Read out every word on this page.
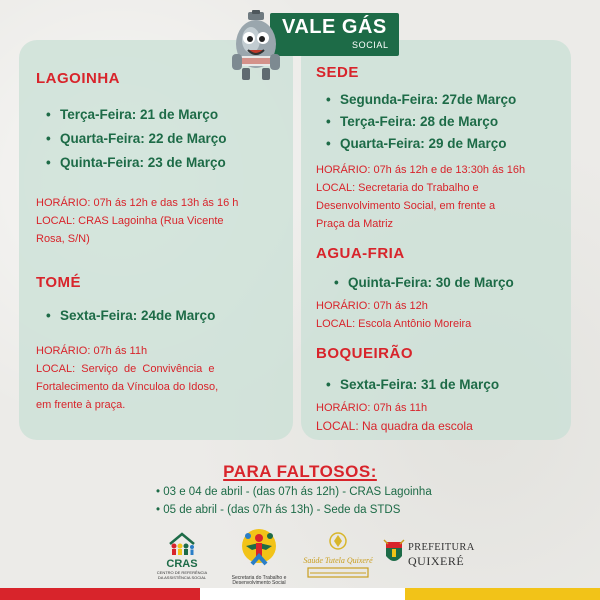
VALE GÁS
SOCIAL
LAGOINHA
• Terça-Feira: 21 de Março
• Quarta-Feira: 22 de Março
• Quinta-Feira: 23 de Março
HORÁRIO: 07h ás 12h e das 13h ás 16 h
LOCAL: CRAS Lagoinha (Rua Vicente
Rosa, S/N)
TOMÉ
• Sexta-Feira: 24de Março
HORÁRIO: 07h ás 11h
LOCAL:  Serviço  de  Convivência  e
Fortalecimento da Vínculoa do Idoso,
em frente à praça.
SEDE
• Segunda-Feira: 27de Março
• Terça-Feira: 28 de Março
• Quarta-Feira: 29 de Março
HORÁRIO: 07h ás 12h e de 13:30h ás 16h
LOCAL: Secretaria do Trabalho e
Desenvolvimento Social, em frente a
Praça da Matriz
AGUA-FRIA
• Quinta-Feira: 30 de Março
HORÁRIO: 07h ás 12h
LOCAL: Escola Antônio Moreira
BOQUEIRÃO
• Sexta-Feira: 31 de Março
HORÁRIO: 07h ás 11h
LOCAL: Na quadra da escola
PARA FALTOSOS:
• 03 e 04 de abril - (das 07h ás 12h) - CRAS Lagoinha
• 05 de abril - (das 07h ás 13h) - Sede da STDS
CRAS
CENTRO DE REFERÊNCIA
DA ASSISTÊNCIA SOCIAL	Secretaria do Trabalho e
Desenvolvimento Social
Saúde Tutela Quixeré
PREFEITURA
QUIXERÉ
